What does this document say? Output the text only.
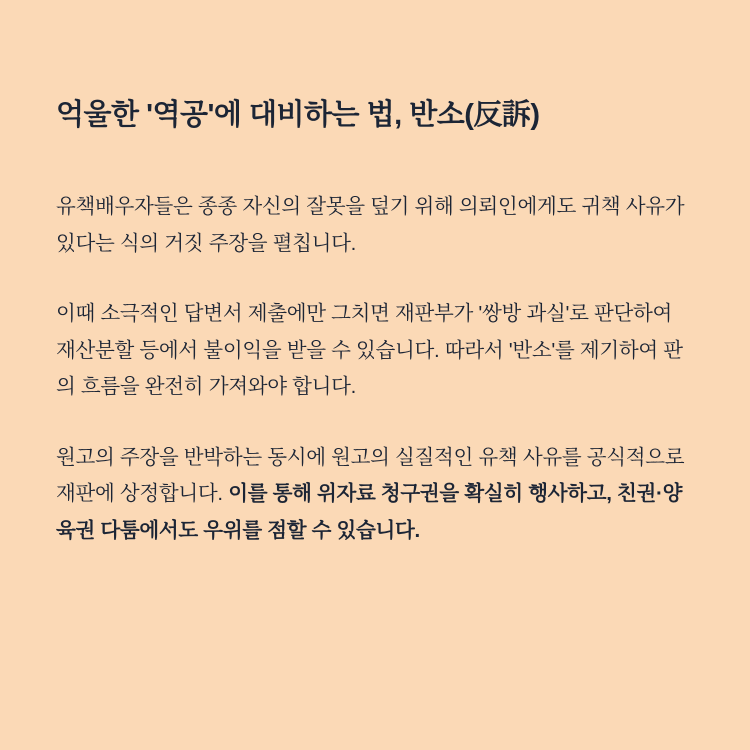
억울한 '역공'에 대비하는 법, 반소(反訴)

유책배우자들은 종종 자신의 잘못을 덮기 위해 의뢰인에게도 귀책 사유가 있다는 식의 거짓 주장을 펼칩니다.

이때 소극적인 답변서 제출에만 그치면 재판부가 '쌍방 과실'로 판단하여 재산분할 등에서 불이익을 받을 수 있습니다. 따라서 '반소'를 제기하여 판의 흐름을 완전히 가져와야 합니다.

원고의 주장을 반박하는 동시에 원고의 실질적인 유책 사유를 공식적으로 재판에 상정합니다. 이를 통해 위자료 청구권을 확실히 행사하고, 친권·양육권 다툼에서도 우위를 점할 수 있습니다.
